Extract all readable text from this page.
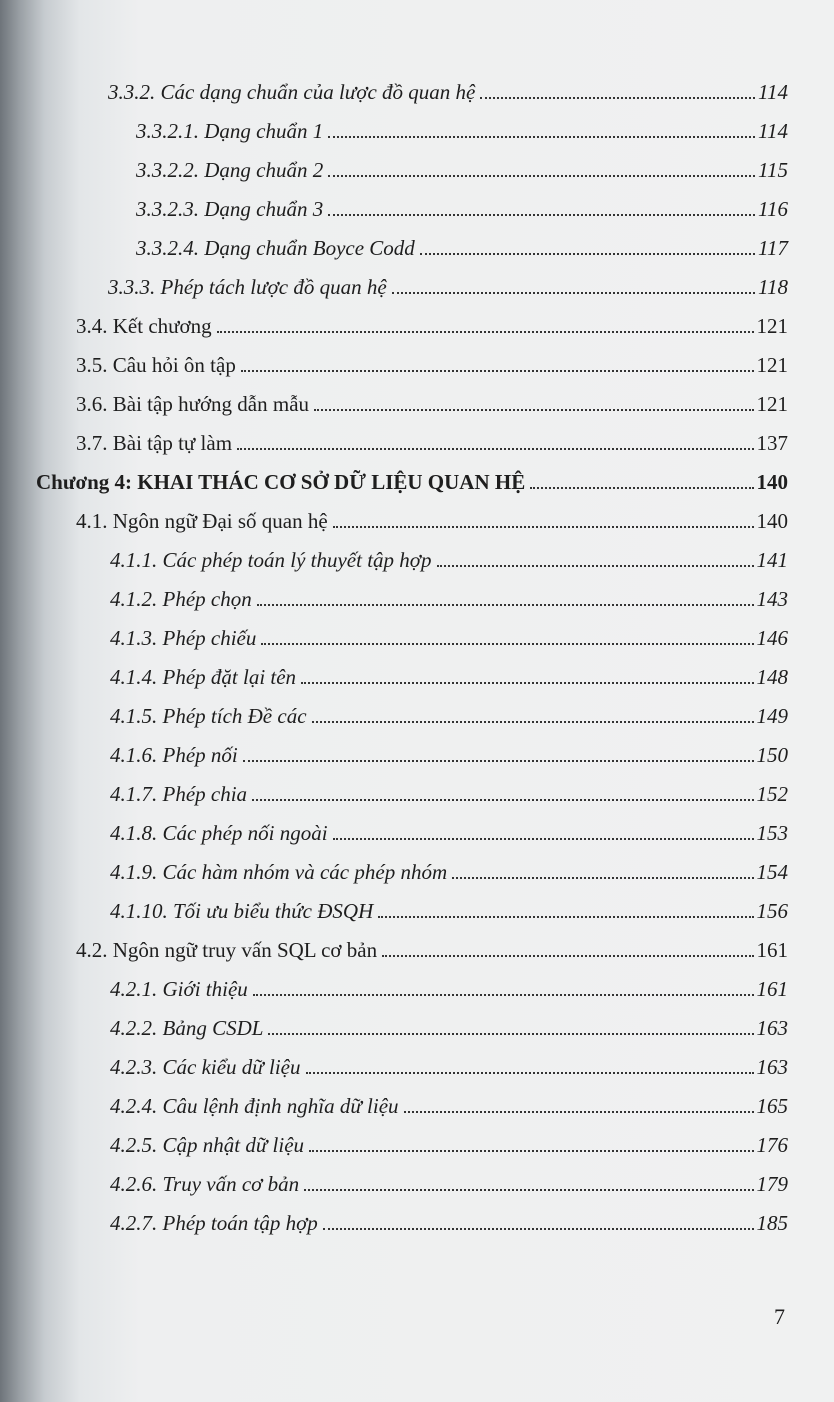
3.3.2. Các dạng chuẩn của lược đồ quan hệ	114
3.3.2.1. Dạng chuẩn 1	114
3.3.2.2. Dạng chuẩn 2	115
3.3.2.3. Dạng chuẩn 3	116
3.3.2.4. Dạng chuẩn Boyce Codd	117
3.3.3. Phép tách lược đồ quan hệ	118
3.4. Kết chương	121
3.5. Câu hỏi ôn tập	121
3.6. Bài tập hướng dẫn mẫu	121
3.7. Bài tập tự làm	137
Chương 4: KHAI THÁC CƠ SỞ DỮ LIỆU QUAN HỆ	140
4.1. Ngôn ngữ Đại số quan hệ	140
4.1.1. Các phép toán lý thuyết tập hợp	141
4.1.2. Phép chọn	143
4.1.3. Phép chiếu	146
4.1.4. Phép đặt lại tên	148
4.1.5. Phép tích Đề các	149
4.1.6. Phép nối	150
4.1.7. Phép chia	152
4.1.8. Các phép nối ngoài	153
4.1.9. Các hàm nhóm và các phép nhóm	154
4.1.10. Tối ưu biểu thức ĐSQH	156
4.2. Ngôn ngữ truy vấn SQL cơ bản	161
4.2.1. Giới thiệu	161
4.2.2. Bảng CSDL	163
4.2.3. Các kiểu dữ liệu	163
4.2.4. Câu lệnh định nghĩa dữ liệu	165
4.2.5. Cập nhật dữ liệu	176
4.2.6. Truy vấn cơ bản	179
4.2.7. Phép toán tập hợp	185
7
